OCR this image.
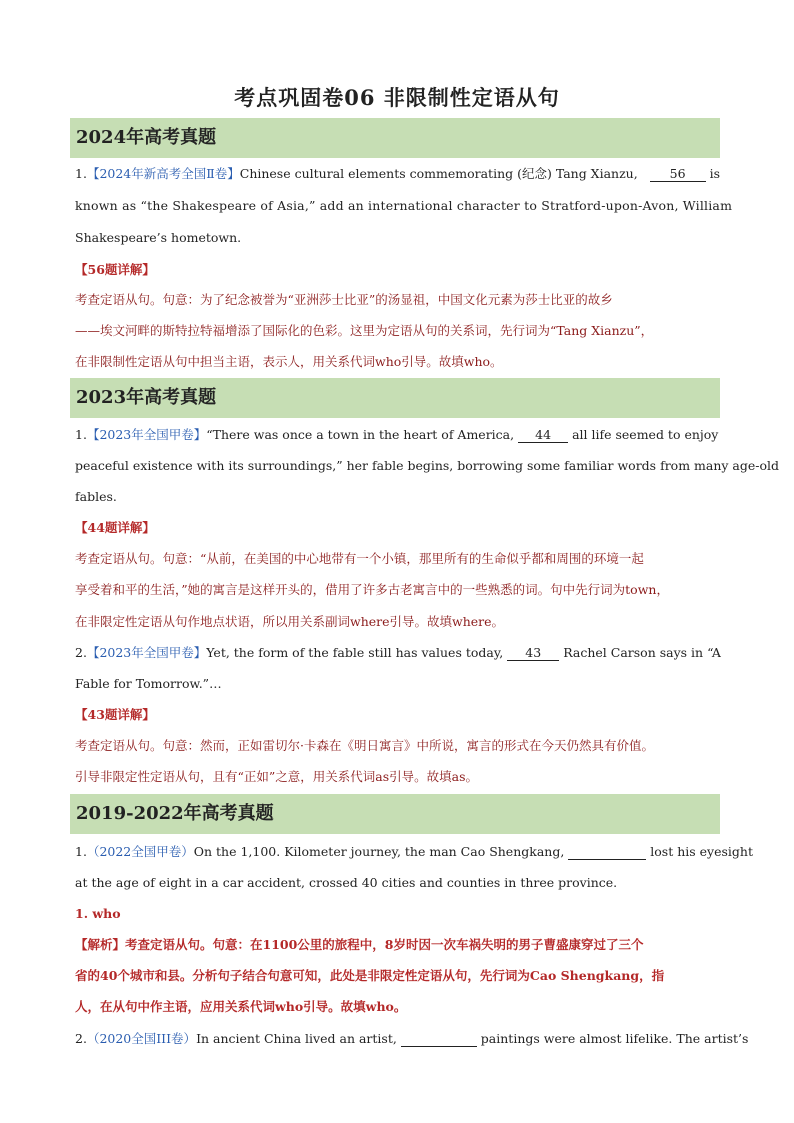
考点巩固卷06 非限制性定语从句
2024年高考真题
1.【2024年新高考全国Ⅱ卷】Chinese cultural elements commemorating (纪念) Tang Xianzu,	56 is
known as “the Shakespeare of Asia,” add an international character to Stratford-upon-Avon, William
Shakespeare’s hometown.
【56题详解】
考查定语从句。句意：为了纪念被誉为“亚洲莎士比亚”的汤显祖，中国文化元素为莎士比亚的故乡
——埃文河畔的斯特拉特福增添了国际化的色彩。这里为定语从句的关系词，先行词为“Tang Xianzu”，
在非限制性定语从句中担当主语，表示人，用关系代词who引导。故填who。
2023年高考真题
1.【2023年全国甲卷】“There was once a town in the heart of America, 44 all life seemed to enjoy
peaceful existence with its surroundings,” her fable begins, borrowing some familiar words from many age-old
fables.
【44题详解】
考查定语从句。句意：“从前，在美国的中心地带有一个小镇，那里所有的生命似乎都和周围的环境一起
享受着和平的生活，”她的寓言是这样开头的，借用了许多古老寓言中的一些熟悉的词。句中先行词为town，
在非限定性定语从句作地点状语，所以用关系副词where引导。故填where。
2.【2023年全国甲卷】Yet, the form of the fable still has values today, 43 Rachel Carson says in “A
Fable for Tomorrow.”…
【43题详解】
考查定语从句。句意：然而，正如雷切尔·卡森在《明日寓言》中所说，寓言的形式在今天仍然具有价值。
引导非限定性定语从句，且有“正如”之意，用关系代词as引导。故填as。
2019-2022年高考真题
1.（2022全国甲卷）On the 1,100. Kilometer journey, the man Cao Shengkang,	lost his eyesight
at the age of eight in a car accident, crossed 40 cities and counties in three province.
1. who
【解析】考查定语从句。句意：在1100公里的旅程中，8岁时因一次车祸失明的男子曹盛康穿过了三个
省的40个城市和县。分析句子结合句意可知，此处是非限定性定语从句，先行词为Cao Shengkang，指
人，在从句中作主语，应用关系代词who引导。故填who。
2.（2020全国III卷）In ancient China lived an artist,	paintings were almost lifelike. The artist’s
